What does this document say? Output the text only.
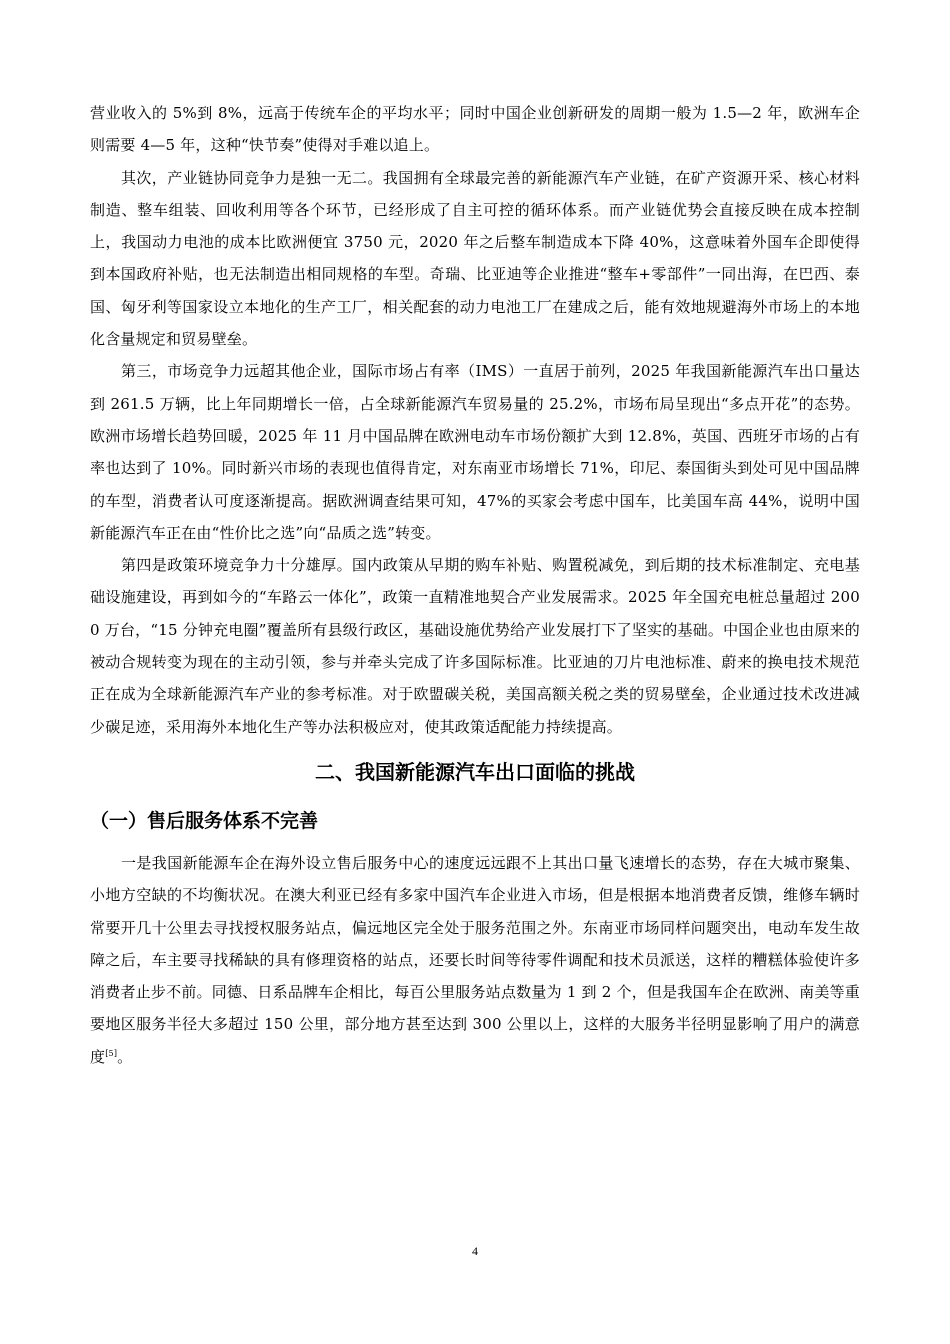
营业收入的 5%到 8%，远高于传统车企的平均水平；同时中国企业创新研发的周期一般为 1.5—2 年，欧洲车企则需要 4—5 年，这种“快节奏”使得对手难以追上。

其次，产业链协同竞争力是独一无二。我国拥有全球最完善的新能源汽车产业链，在矿产资源开采、核心材料制造、整车组装、回收利用等各个环节，已经形成了自主可控的循环体系。而产业链优势会直接反映在成本控制上，我国动力电池的成本比欧洲便宜 3750 元，2020 年之后整车制造成本下降 40%，这意味着外国车企即使得到本国政府补贴，也无法制造出相同规格的车型。奇瑞、比亚迪等企业推进“整车+零部件”一同出海，在巴西、泰国、匈牙利等国家设立本地化的生产工厂，相关配套的动力电池工厂在建成之后，能有效地规避海外市场上的本地化含量规定和贸易壁垒。

第三，市场竞争力远超其他企业，国际市场占有率（IMS）一直居于前列，2025 年我国新能源汽车出口量达到 261.5 万辆，比上年同期增长一倍，占全球新能源汽车贸易量的 25.2%，市场布局呈现出“多点开花”的态势。欧洲市场增长趋势回暖，2025 年 11 月中国品牌在欧洲电动车市场份额扩大到 12.8%，英国、西班牙市场的占有率也达到了 10%。同时新兴市场的表现也值得肯定，对东南亚市场增长 71%，印尼、泰国街头到处可见中国品牌的车型，消费者认可度逐渐提高。据欧洲调查结果可知，47%的买家会考虑中国车，比美国车高 44%，说明中国新能源汽车正在由“性价比之选”向“品质之选”转变。

第四是政策环境竞争力十分雄厚。国内政策从早期的购车补贴、购置税减免，到后期的技术标准制定、充电基础设施建设，再到如今的“车路云一体化”，政策一直精准地契合产业发展需求。2025 年全国充电桩总量超过 2000 万台，“15 分钟充电圈”覆盖所有县级行政区，基础设施优势给产业发展打下了坚实的基础。中国企业也由原来的被动合规转变为现在的主动引领，参与并牵头完成了许多国际标准。比亚迪的刀片电池标准、蔚来的换电技术规范正在成为全球新能源汽车产业的参考标准。对于欧盟碳关税，美国高额关税之类的贸易壁垒，企业通过技术改进减少碳足迹，采用海外本地化生产等办法积极应对，使其政策适配能力持续提高。

二、我国新能源汽车出口面临的挑战
（一）售后服务体系不完善

一是我国新能源车企在海外设立售后服务中心的速度远远跟不上其出口量飞速增长的态势，存在大城市聚集、小地方空缺的不均衡状况。在澳大利亚已经有多家中国汽车企业进入市场，但是根据本地消费者反馈，维修车辆时常要开几十公里去寻找授权服务站点，偏远地区完全处于服务范围之外。东南亚市场同样问题突出，电动车发生故障之后，车主要寻找稀缺的具有修理资格的站点，还要长时间等待零件调配和技术员派送，这样的糟糕体验使许多消费者止步不前。同德、日系品牌车企相比，每百公里服务站点数量为 1 到 2 个，但是我国车企在欧洲、南美等重要地区服务半径大多超过 150 公里，部分地方甚至达到 300 公里以上，这样的大服务半径明显影响了用户的满意度[5]。

4
